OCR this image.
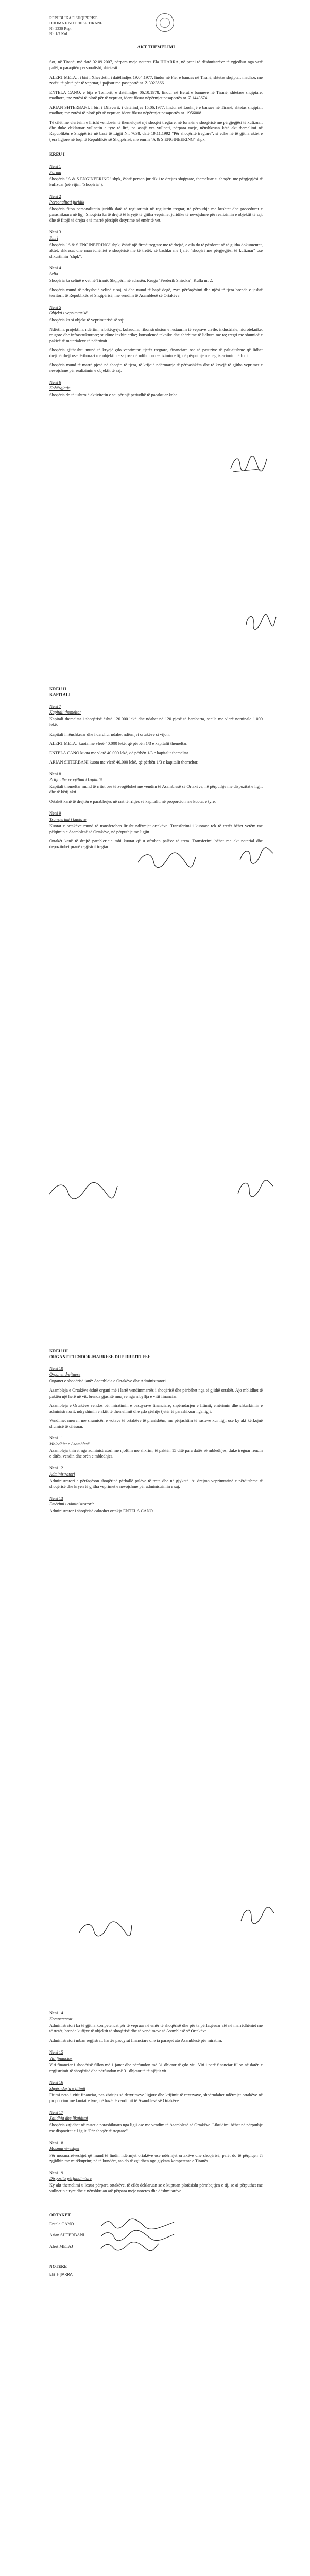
REPUBLIKA E SHQIPERISE
DHOMA E NOTERISE TIRANE
Nr. 2339 Rep.
Nr. 1/7 Kol.
AKT THEMELIMI

Sot, në Tiranë, më datë 02.09.2007, përpara meje noteres Ela HIJARRA, në prani të dëshmitarëve të zgjedhur nga vetë palët, u paraqitën personalisht, shtetasit:

ALERT METAJ, i biri i Xhevdetit, i datëlindjes 19.04.1977, lindur në Fier e banues në Tiranë, shtetas shqiptar, madhor, me zotësi të plotë për të vepruar, i pajisur me pasaportë nr. Z 3023866.

ENTELA CANO, e bija e Tomorit, e datëlindjes 06.10.1978, lindur në Berat e banuese në Tiranë, shtetase shqiptare, madhore, me zotësi të plotë për të vepruar, identifikuar nëpërmjet pasaportës nr. Z 1443674.

ARIAN SHTERBANI, i biri i Dilaverit, i datëlindjes 15.06.1977, lindur në Lushnjë e banues në Tiranë, shtetas shqiptar, madhor, me zotësi të plotë për të vepruar, identifikuar nëpërmjet pasaportës nr. 1956008.

Të cilët me vlerësim e lirisht vendosën të themelojnë një shoqëri tregtare, në formën e shoqërisë me përgjegjësi të kufizuar, dhe duke deklaruar vullnetin e tyre të lirë, pa asnjë ves vullneti, përpara meje, nënshkruan këtë akt themelimi në Republikën e Shqipërisë në bazë të Ligjit Nr. 7638, datë 19.11.1992 "Për shoqëritë tregtare", si edhe në të gjitha aktet e tjera ligjore në fuqi të Republikës së Shqipërisë, me emrin "A & S ENGINEERING" shpk.

KREU I
Neni 1
Forma

Shoqëria "A & S ENGINEERING" shpk, është person juridik i te drejtes shqiptare, themeluar si shoqëri me përgjegjësi të kufizuar (në vijim "Shoqëria").

Neni 2
Personaliteti juridik

Shoqëria fiton personalitetin juridik datë të regjistrimit në regjistrin tregtar, në përputhje me kushtet dhe procedurat e parashikuara në ligj. Shoqëria ka të drejtë të kryejë të gjitha veprimet juridike të nevojshme për realizimin e objektit të saj, dhe të fitojë të drejta e të marrë përsipër detyrime në emër të vet.

Neni 3
Emri

Shoqëria "A & S ENGINEERING" shpk, është një firmë tregtare me të drejtë, e cila do të përdoret në të gjitha dokumentet, aktet, shkresat dhe marrëdhëniet e shoqërisë me të tretët, së bashku me fjalët "shoqëri me përgjegjësi të kufizuar" ose shkurtimin "shpk".

Neni 4
Selia

Shoqëria ka selinë e vet në Tiranë, Shqipëri, në adresën, Rruga "Frederik Shiroka", Kulla nr. 2.

Shoqëria mund të ndryshojë selinë e saj, si dhe mund të hapë degë, zyra përfaqësimi dhe njësi të tjera brenda e jashtë territorit të Republikës së Shqipërisë, me vendim të Asamblesë së Ortakëve.

Neni 5
Objekti i veprimtarisë

Shoqëria ka si objekt të veprimtarisë së saj:

Ndërtim, projektim, ndërtim, mbikëqyrje, kolaudim, rikonstruksion e restaurim të veprave civile, industriale, hidroteknike, rrugore dhe infrastrukturore; studime inxhinierike; konsulencë teknike dhe shërbime të lidhura me to; tregti me shumicë e pakicë të materialeve të ndërtimit.

Shoqëria gjithashtu mund të kryejë çdo veprimtari tjetër tregtare, financiare ose të pasurive të paluajtshme që lidhet drejtpërdrejt ose tërthorazi me objektin e saj ose që ndihmon realizimin e tij, në përputhje me legjislacionin në fuqi.

Shoqëria mund të marrë pjesë në shoqëri të tjera, të krijojë ndërmarrje të përbashkëta dhe të kryejë të gjitha veprimet e nevojshme për realizimin e objektit të saj.

Neni 6
Kohëzgjatja

Shoqëria do të ushtrojë aktivitetin e saj për një periudhë të pacaktuar kohe.

KREU II
KAPITALI
Neni 7
Kapitali themeltar

Kapitali themeltar i shoqërisë është 120.000 lekë dhe ndahet në 120 pjesë të barabarta, secila me vlerë nominale 1.000 lekë.

Kapitali i nënshkruar dhe i derdhur ndahet ndërmjet ortakëve si vijon:

ALERT METAJ kuota me vlerë 40.000 lekë, që përbën 1/3 e kapitalit themeltar.

ENTELA CANO kuota me vlerë 40.000 lekë, që përbën 1/3 e kapitalit themeltar.

ARIAN SHTERBANI kuota me vlerë 40.000 lekë, që përbën 1/3 e kapitalit themeltar.

Neni 8
Rritja dhe zvogëlimi i kapitalit

Kapitali themeltar mund të rritet ose të zvogëlohet me vendim të Asamblesë së Ortakëve, në përputhje me dispozitat e ligjit dhe të këtij akti.

Ortakët kanë të drejtën e parablerjes në rast të rritjes së kapitalit, në proporcion me kuotat e tyre.

Neni 9
Transferimi i kuotave

Kuotat e ortakëve mund të transferohen lirisht ndërmjet ortakëve. Transferimi i kuotave tek të tretët bëhet vetëm me pëlqimin e Asamblesë së Ortakëve, në përputhje me ligjin.

Ortakët kanë të drejtë parablerjeje mbi kuotat që u ofrohen palëve të treta. Transferimi bëhet me akt noterial dhe depozitohet pranë regjistrit tregtar.

KREU III
ORGANET TENDOR-MARRESE DHE DREJTUESE
Neni 10
Organet drejtuese

Organet e shoqërisë janë: Asambleja e Ortakëve dhe Administratori.

Asambleja e Ortakëve është organi më i lartë vendimmarrës i shoqërisë dhe përbëhet nga të gjithë ortakët. Ajo mblidhet të paktën një herë në vit, brenda gjashtë muajve nga mbyllja e vitit financiar.

Asambleja e Ortakëve vendos për miratimin e pasqyrave financiare, shpërndarjen e fitimit, emërimin dhe shkarkimin e administratorit, ndryshimin e aktit të themelimit dhe çdo çështje tjetër të parashikuar nga ligji.

Vendimet merren me shumicën e votave të ortakëve të pranishëm, me përjashtim të rasteve kur ligji ose ky akt kërkojnë shumicë të cilësuar.

Neni 11
Mbledhjet e Asamblesë

Asambleja thirret nga administratori me njoftim me shkrim, të paktën 15 ditë para datës së mbledhjes, duke treguar rendin e ditës, vendin dhe orën e mbledhjes.

Neni 12
Administratori

Administratori e përfaqëson shoqërinë përballë palëve të treta dhe në gjykatë. Ai drejton veprimtarinë e përditshme të shoqërisë dhe kryen të gjitha veprimet e nevojshme për administrimin e saj.

Neni 13
Emërimi i administratorit

Administrator i shoqërisë caktohet ortakja ENTELA CANO.

Neni 14
Kompetencat

Administratori ka të gjitha kompetencat për të vepruar në emër të shoqërisë dhe për ta përfaqësuar atë në marrëdhëniet me të tretët, brenda kufijve të objektit të shoqërisë dhe të vendimeve të Asamblesë së Ortakëve.

Administratori mban regjistrat, hartës pasqyrat financiare dhe ia paraqet ato Asamblesë për miratim.

Neni 15
Viti financiar

Viti financiar i shoqërisë fillon më 1 janar dhe përfundon më 31 dhjetor të çdo viti. Viti i parë financiar fillon në datën e regjistrimit të shoqërisë dhe përfundon më 31 dhjetor të të njëjtit vit.

Neni 16
Shpërndarja e fitimit

Fitimi neto i vitit financiar, pas zbritjes së detyrimeve ligjore dhe krijimit të rezervave, shpërndahet ndërmjet ortakëve në proporcion me kuotat e tyre, në bazë të vendimit të Asamblesë së Ortakëve.

Neni 17
Zgjidhja dhe likuidimi

Shoqëria zgjidhet në rastet e parashikuara nga ligji ose me vendim të Asamblesë së Ortakëve. Likuidimi bëhet në përputhje me dispozitat e Ligjit "Për shoqëritë tregtare".

Neni 18
Mosmarrëveshjet

Për mosmarrëveshjet që mund të lindin ndërmjet ortakëve ose ndërmjet ortakëve dhe shoqërisë, palët do të përpiqen t'i zgjidhin me mirëkuptim; në të kundërt, ato do të zgjidhen nga gjykata kompetente e Tiranës.

Neni 19
Dispozita përfundimtare

Ky akt themelimi u lexua përpara ortakëve, të cilët deklaruan se e kuptuan plotësisht përmbajtjen e tij, se ai përputhet me vullnetin e tyre dhe e nënshkruan atë përpara meje noteres dhe dëshmitarëve.

ORTAKET
Entela CANO
Arian SHTERBANI
Alert METAJ
NOTERE
Ela HIJARRA
